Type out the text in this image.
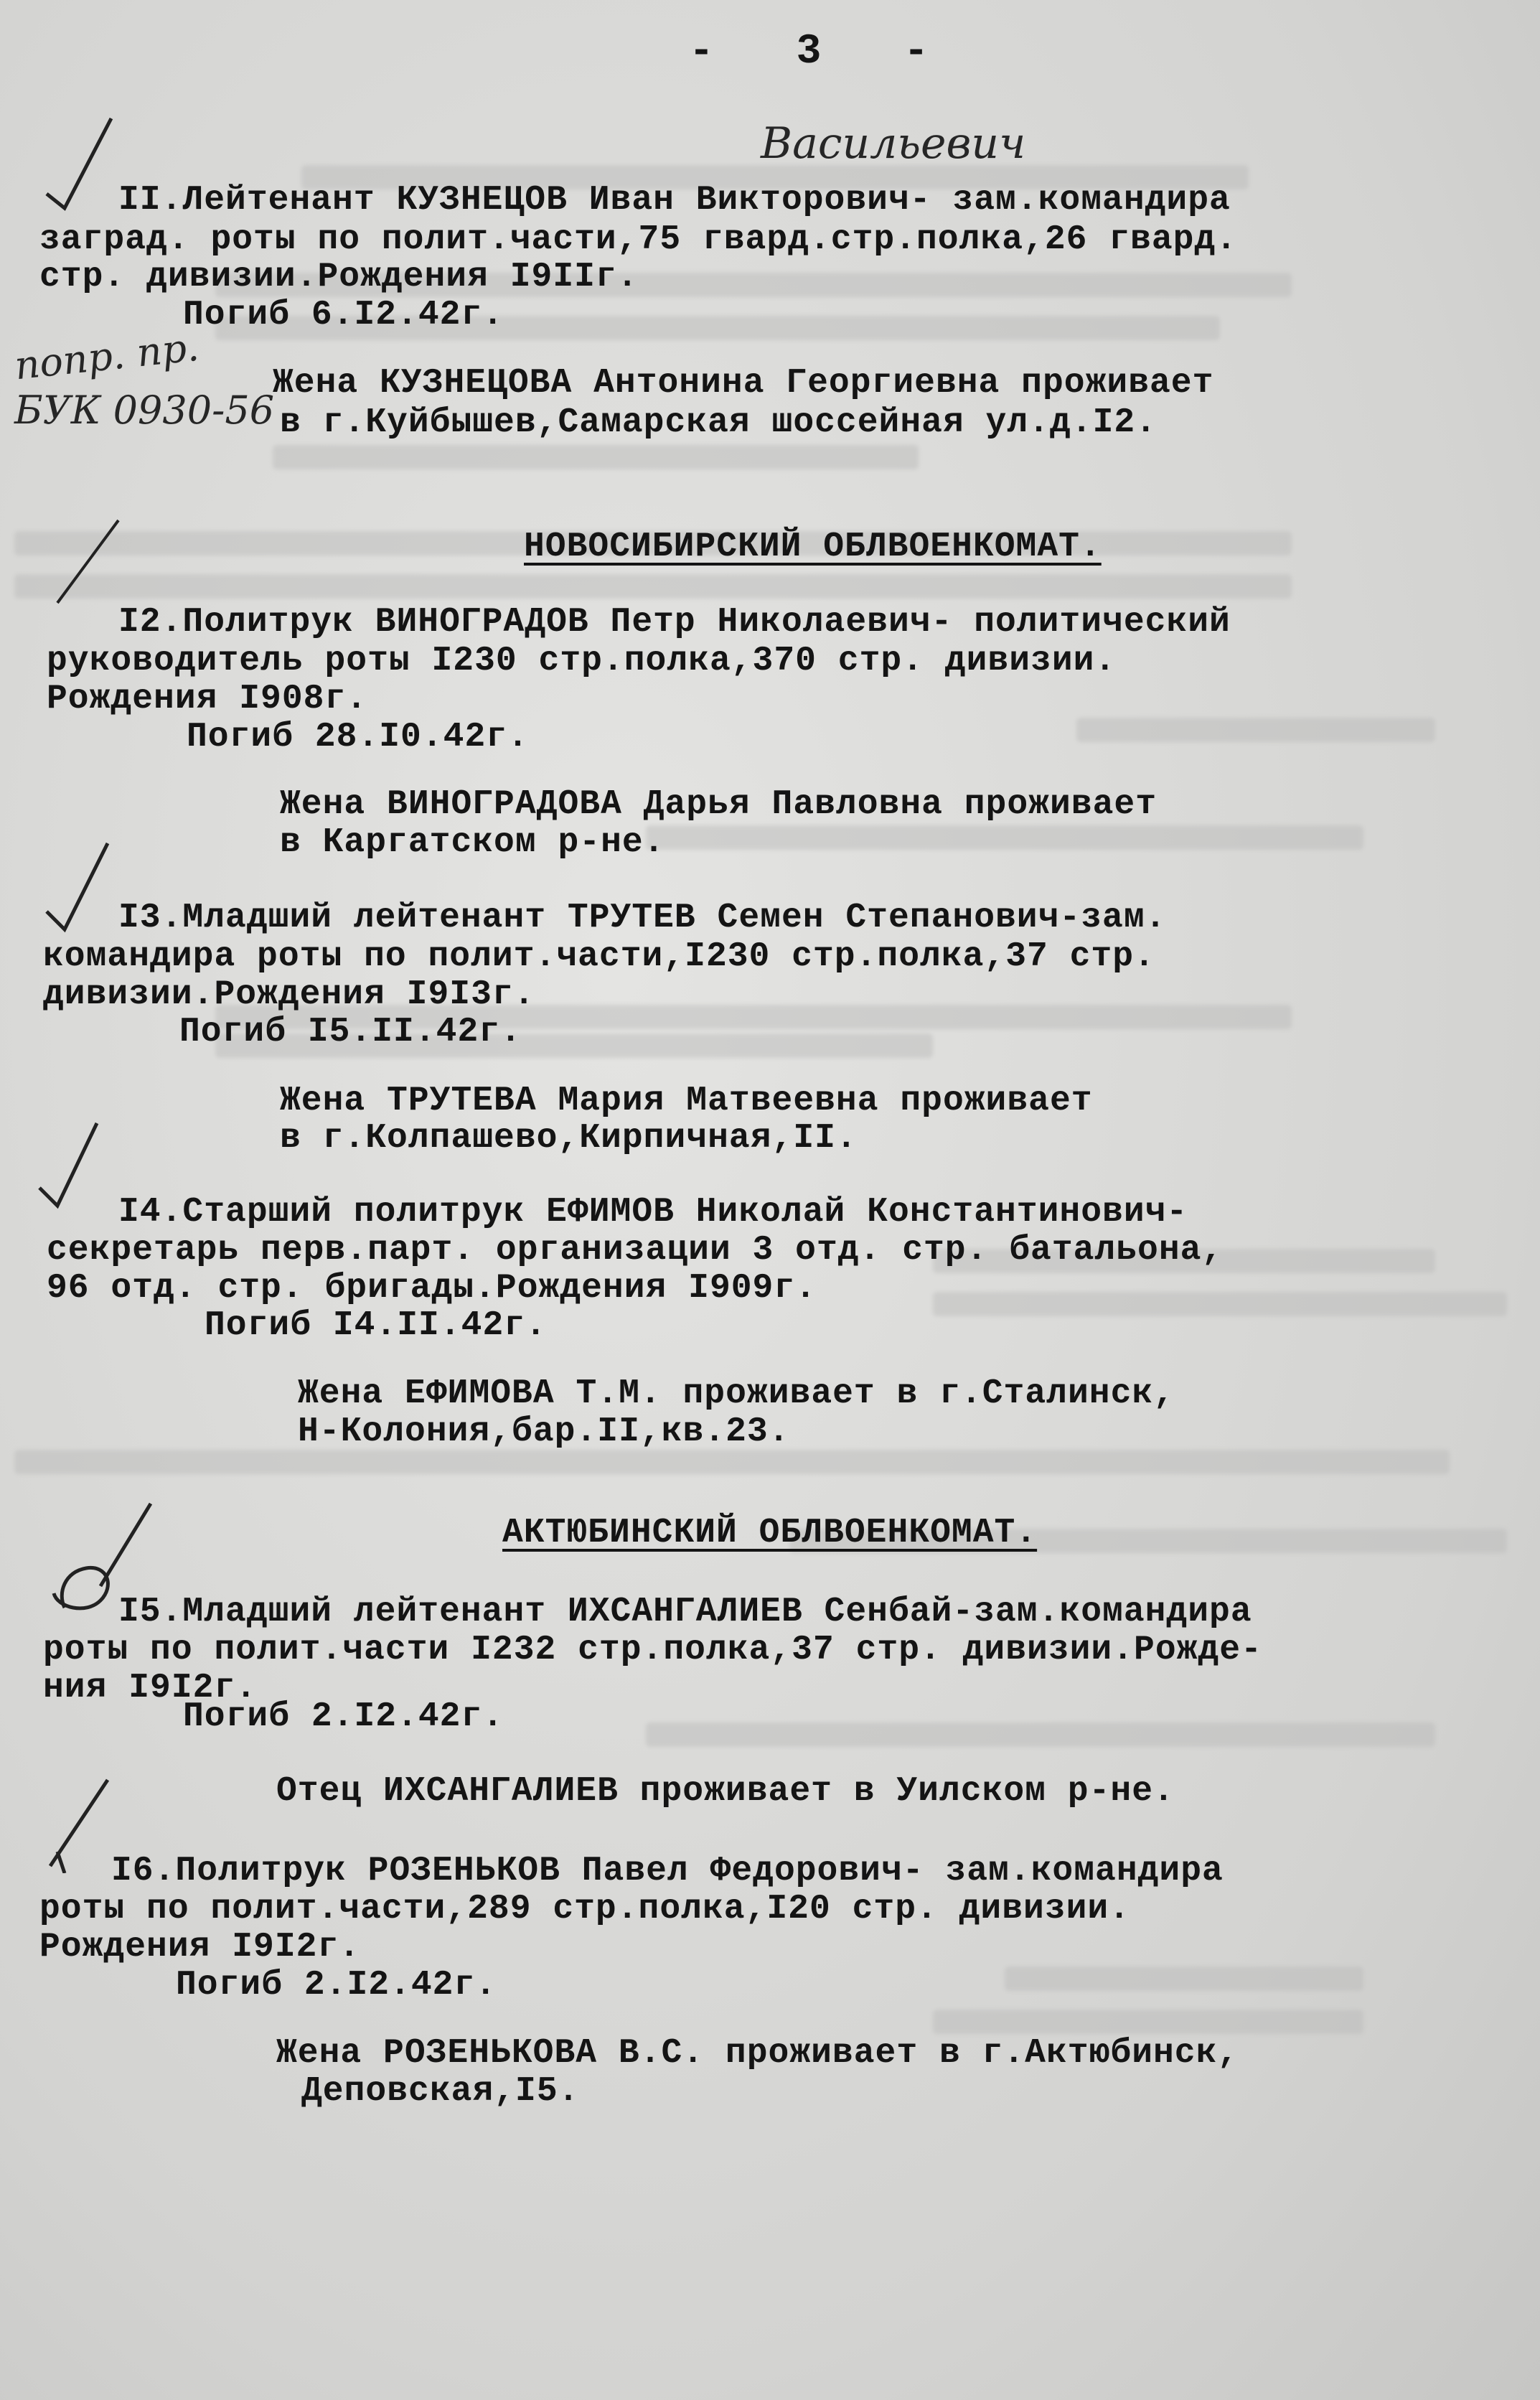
- 3 -
Васильевич
попр. пр.
БУК 0930-56
II.Лейтенант КУЗНЕЦОВ Иван Викторович- зам.командира
заград. роты по полит.части,75 гвард.стр.полка,26 гвард.
стр. дивизии.Рождения I9IIг.
Погиб 6.I2.42г.
Жена КУЗНЕЦОВА Антонина Георгиевна проживает
в г.Куйбышев,Самарская шоссейная ул.д.I2.
НОВОСИБИРСКИЙ ОБЛВОЕНКОМАТ.
I2.Политрук ВИНОГРАДОВ Петр Николаевич- политический
руководитель роты I230 стр.полка,370 стр. дивизии.
Рождения I908г.
Погиб 28.I0.42г.
Жена ВИНОГРАДОВА Дарья Павловна проживает
в Каргатском р-не.
I3.Младший лейтенант ТРУТЕВ Семен Степанович-зам.
командира роты по полит.части,I230 стр.полка,37 стр.
дивизии.Рождения I9I3г.
Погиб I5.II.42г.
Жена ТРУТЕВА Мария Матвеевна проживает
в г.Колпашево,Кирпичная,II.
I4.Старший политрук ЕФИМОВ Николай Константинович-
секретарь перв.парт. организации 3 отд. стр. батальона,
96 отд. стр. бригады.Рождения I909г.
Погиб I4.II.42г.
Жена ЕФИМОВА Т.М. проживает в г.Сталинск,
Н-Колония,бар.II,кв.23.
АКТЮБИНСКИЙ ОБЛВОЕНКОМАТ.
I5.Младший лейтенант ИХСАНГАЛИЕВ Сенбай-зам.командира
роты по полит.части I232 стр.полка,37 стр. дивизии.Рожде-
ния I9I2г.
Погиб 2.I2.42г.
Отец ИХСАНГАЛИЕВ проживает в Уилском р-не.
I6.Политрук РОЗЕНЬКОВ Павел Федорович- зам.командира
роты по полит.части,289 стр.полка,I20 стр. дивизии.
Рождения I9I2г.
Погиб 2.I2.42г.
Жена РОЗЕНЬКОВА В.С. проживает в г.Актюбинск,
Деповская,I5.
